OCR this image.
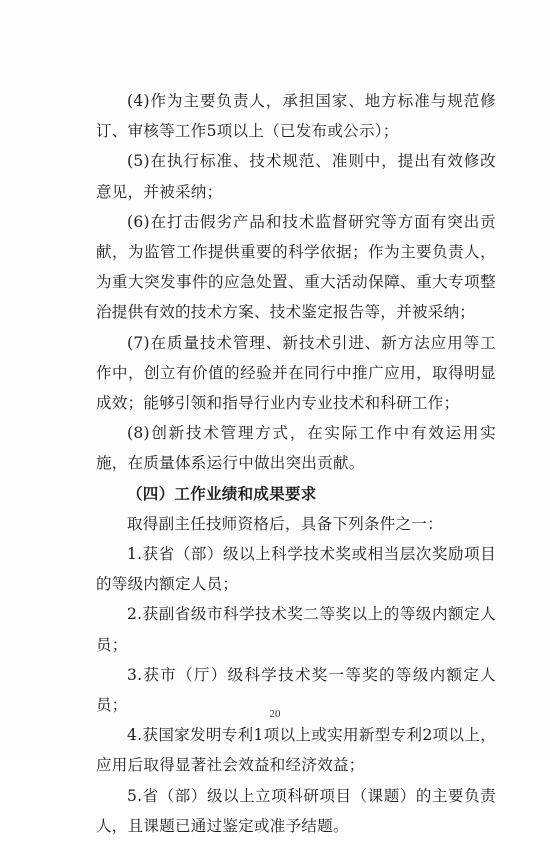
(4)作为主要负责人，承担国家、地方标准与规范修订、审核等工作5项以上（已发布或公示）；

(5)在执行标准、技术规范、准则中，提出有效修改意见，并被采纳；

(6)在打击假劣产品和技术监督研究等方面有突出贡献，为监管工作提供重要的科学依据；作为主要负责人，为重大突发事件的应急处置、重大活动保障、重大专项整治提供有效的技术方案、技术鉴定报告等，并被采纳；

(7)在质量技术管理、新技术引进、新方法应用等工作中，创立有价值的经验并在同行中推广应用，取得明显成效；能够引领和指导行业内专业技术和科研工作；

(8)创新技术管理方式，在实际工作中有效运用实施，在质量体系运行中做出突出贡献。

（四）工作业绩和成果要求

取得副主任技师资格后，具备下列条件之一：

1.获省（部）级以上科学技术奖或相当层次奖励项目的等级内额定人员；

2.获副省级市科学技术奖二等奖以上的等级内额定人员；

3.获市（厅）级科学技术奖一等奖的等级内额定人员；

4.获国家发明专利1项以上或实用新型专利2项以上，应用后取得显著社会效益和经济效益；

5.省（部）级以上立项科研项目（课题）的主要负责人，且课题已通过鉴定或准予结题。

20
